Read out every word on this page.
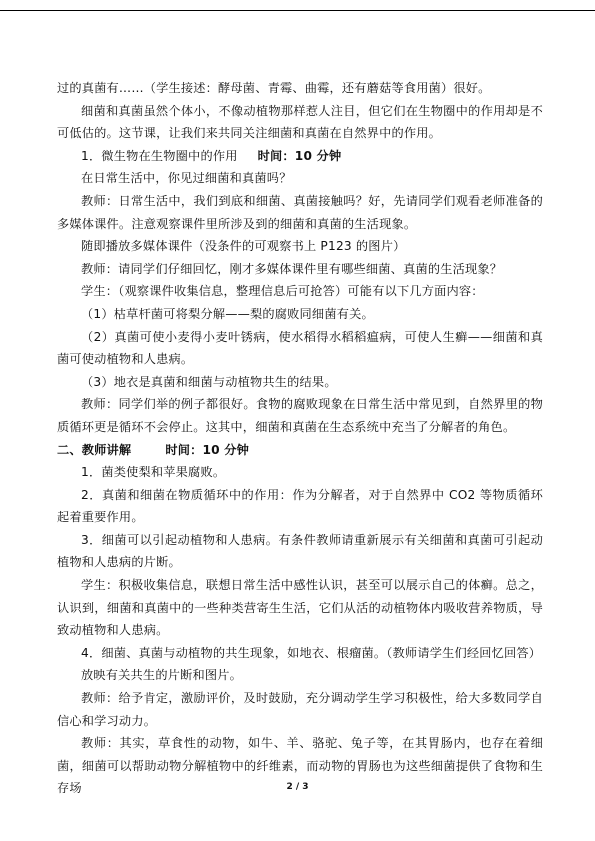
过的真菌有……（学生接述：酵母菌、青霉、曲霉，还有蘑菇等食用菌）很好。

细菌和真菌虽然个体小，不像动植物那样惹人注目，但它们在生物圈中的作用却是不可低估的。这节课，让我们来共同关注细菌和真菌在自然界中的作用。

1．微生物在生物圈中的作用 时间：10 分钟

在日常生活中，你见过细菌和真菌吗？

教师：日常生活中，我们到底和细菌、真菌接触吗？好，先请同学们观看老师准备的多媒体课件。注意观察课件里所涉及到的细菌和真菌的生活现象。

随即播放多媒体课件（没条件的可观察书上 P123 的图片）

教师：请同学们仔细回忆，刚才多媒体课件里有哪些细菌、真菌的生活现象？

学生：（观察课件收集信息，整理信息后可抢答）可能有以下几方面内容：

（1）枯草杆菌可将梨分解——梨的腐败同细菌有关。

（2）真菌可使小麦得小麦叶锈病，使水稻得水稻稻瘟病，可使人生癣——细菌和真菌可使动植物和人患病。

（3）地衣是真菌和细菌与动植物共生的结果。

教师：同学们举的例子都很好。食物的腐败现象在日常生活中常见到，自然界里的物质循环更是循环不会停止。这其中，细菌和真菌在生态系统中充当了分解者的角色。

二、教师讲解	时间：10 分钟

1．菌类使梨和苹果腐败。

2．真菌和细菌在物质循环中的作用：作为分解者，对于自然界中 CO2 等物质循环起着重要作用。

3．细菌可以引起动植物和人患病。有条件教师请重新展示有关细菌和真菌可引起动植物和人患病的片断。

学生：积极收集信息，联想日常生活中感性认识，甚至可以展示自己的体癣。总之，认识到，细菌和真菌中的一些种类营寄生生活，它们从活的动植物体内吸收营养物质，导致动植物和人患病。

4．细菌、真菌与动植物的共生现象，如地衣、根瘤菌。（教师请学生们经回忆回答）

放映有关共生的片断和图片。

教师：给予肯定，激励评价，及时鼓励，充分调动学生学习积极性，给大多数同学自信心和学习动力。

教师：其实，草食性的动物，如牛、羊、骆驼、兔子等，在其胃肠内，也存在着细菌，细菌可以帮助动物分解植物中的纤维素，而动物的胃肠也为这些细菌提供了食物和生存场	2 / 3
